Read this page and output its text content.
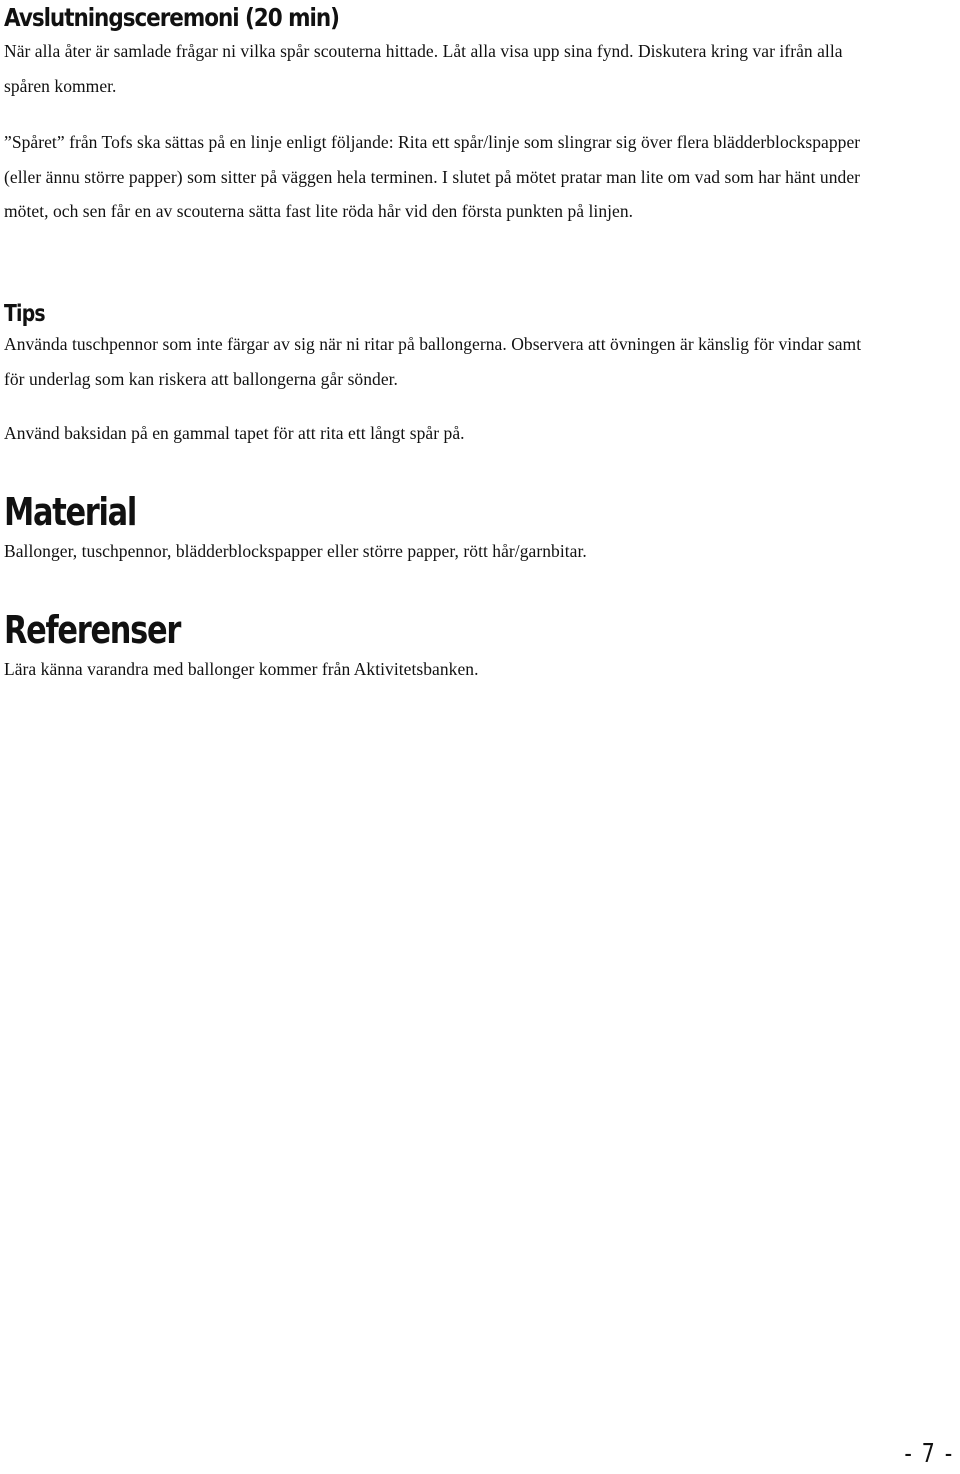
Avslutningsceremoni (20 min)

När alla åter är samlade frågar ni vilka spår scouterna hittade. Låt alla visa upp sina fynd. Diskutera kring var ifrån alla spåren kommer.

”Spåret” från Tofs ska sättas på en linje enligt följande: Rita ett spår/linje som slingrar sig över flera blädderblockspapper (eller ännu större papper) som sitter på väggen hela terminen. I slutet på mötet pratar man lite om vad som har hänt under mötet, och sen får en av scouterna sätta fast lite röda hår vid den första punkten på linjen.

Tips

Använda tuschpennor som inte färgar av sig när ni ritar på ballongerna. Observera att övningen är känslig för vindar samt för underlag som kan riskera att ballongerna går sönder.

Använd baksidan på en gammal tapet för att rita ett långt spår på.

Material

Ballonger, tuschpennor, blädderblockspapper eller större papper, rött hår/garnbitar.

Referenser

Lära känna varandra med ballonger kommer från Aktivitetsbanken.

- 7 -
